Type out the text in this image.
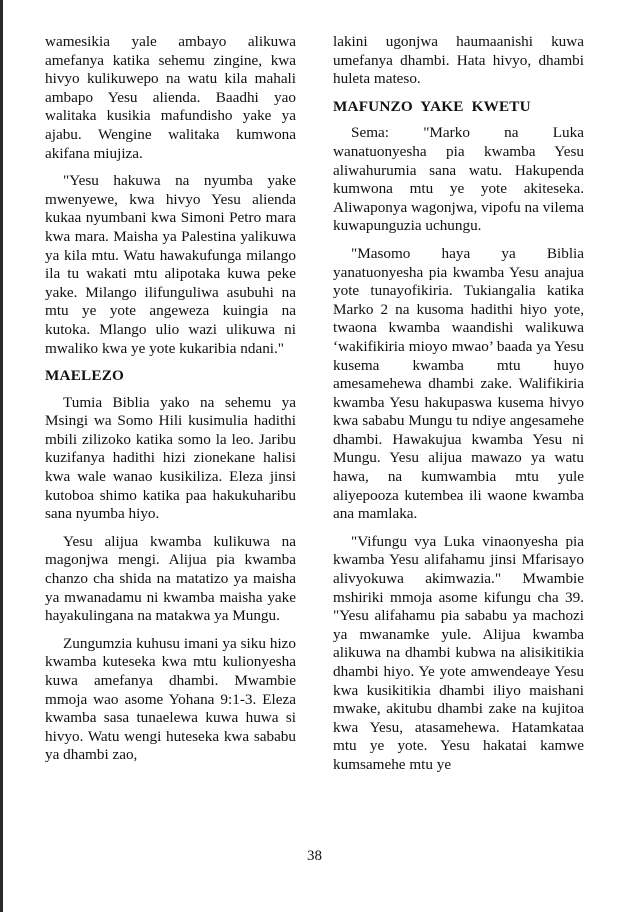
wamesikia yale ambayo alikuwa amefanya katika sehemu zingine, kwa hivyo kulikuwepo na watu kila mahali ambapo Yesu alienda. Baadhi yao walitaka kusikia mafundisho yake ya ajabu. Wengine walitaka kumwona akifana miujiza.

"Yesu hakuwa na nyumba yake mwenyewe, kwa hivyo Yesu alienda kukaa nyumbani kwa Simoni Petro mara kwa mara. Maisha ya Palestina yalikuwa ya kila mtu. Watu hawakufunga milango ila tu wakati mtu alipotaka kuwa peke yake. Milango ilifunguliwa asubuhi na mtu ye yote angeweza kuingia na kutoka. Mlango ulio wazi ulikuwa ni mwaliko kwa ye yote kukaribia ndani."

MAELEZO

Tumia Biblia yako na sehemu ya Msingi wa Somo Hili kusimulia hadithi mbili zilizoko katika somo la leo. Jaribu kuzifanya hadithi hizi zionekane halisi kwa wale wanao kusikiliza. Eleza jinsi kutoboa shimo katika paa hakukuharibu sana nyumba hiyo.

Yesu alijua kwamba kulikuwa na magonjwa mengi. Alijua pia kwamba chanzo cha shida na matatizo ya maisha ya mwanadamu ni kwamba maisha yake hayakulingana na matakwa ya Mungu.

Zungumzia kuhusu imani ya siku hizo kwamba kuteseka kwa mtu kulionyesha kuwa amefanya dhambi. Mwambie mmoja wao asome Yohana 9:1-3. Eleza kwamba sasa tunaelewa kuwa huwa si hivyo. Watu wengi huteseka kwa sababu ya dhambi zao,

lakini ugonjwa haumaanishi kuwa umefanya dhambi. Hata hivyo, dhambi huleta mateso.

MAFUNZO YAKE KWETU

Sema: "Marko na Luka wanatuonyesha pia kwamba Yesu aliwahurumia sana watu. Hakupenda kumwona mtu ye yote akiteseka. Aliwaponya wagonjwa, vipofu na vilema kuwapunguzia uchungu.

"Masomo haya ya Biblia yanatuonyesha pia kwamba Yesu anajua yote tunayofikiria. Tukiangalia katika Marko 2 na kusoma hadithi hiyo yote, twaona kwamba waandishi walikuwa ‘wakifikiria mioyo mwao’ baada ya Yesu kusema kwamba mtu huyo amesamehewa dhambi zake. Walifikiria kwamba Yesu hakupaswa kusema hivyo kwa sababu Mungu tu ndiye angesamehe dhambi. Hawakujua kwamba Yesu ni Mungu. Yesu alijua mawazo ya watu hawa, na kumwambia mtu yule aliyepooza kutembea ili waone kwamba ana mamlaka.

"Vifungu vya Luka vinaonyesha pia kwamba Yesu alifahamu jinsi Mfarisayo alivyokuwa akimwazia." Mwambie mshiriki mmoja asome kifungu cha 39. "Yesu alifahamu pia sababu ya machozi ya mwanamke yule. Alijua kwamba alikuwa na dhambi kubwa na alisikitikia dhambi hiyo. Ye yote amwendeaye Yesu kwa kusikitikia dhambi iliyo maishani mwake, akitubu dhambi zake na kujitoa kwa Yesu, atasamehewa. Hatamkataa mtu ye yote. Yesu hakatai kamwe kumsamehe mtu ye

38
